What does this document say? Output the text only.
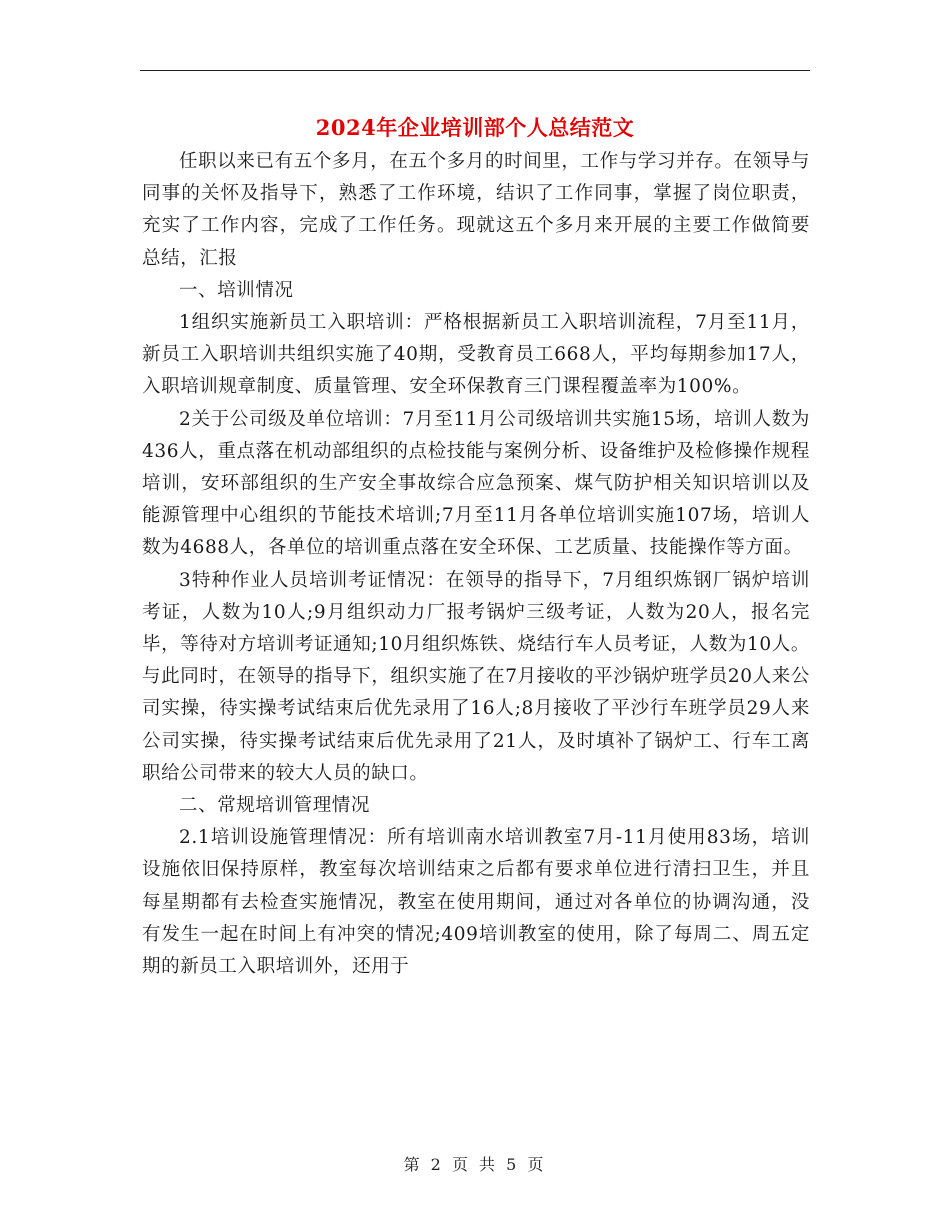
2024年企业培训部个人总结范文

任职以来已有五个多月，在五个多月的时间里，工作与学习并存。在领导与同事的关怀及指导下，熟悉了工作环境，结识了工作同事，掌握了岗位职责，充实了工作内容，完成了工作任务。现就这五个多月来开展的主要工作做简要总结，汇报

一、培训情况

1组织实施新员工入职培训：严格根据新员工入职培训流程，7月至11月，新员工入职培训共组织实施了40期，受教育员工668人，平均每期参加17人，入职培训规章制度、质量管理、安全环保教育三门课程覆盖率为100%。

2关于公司级及单位培训：7月至11月公司级培训共实施15场，培训人数为436人，重点落在机动部组织的点检技能与案例分析、设备维护及检修操作规程培训，安环部组织的生产安全事故综合应急预案、煤气防护相关知识培训以及能源管理中心组织的节能技术培训;7月至11月各单位培训实施107场，培训人数为4688人，各单位的培训重点落在安全环保、工艺质量、技能操作等方面。

3特种作业人员培训考证情况：在领导的指导下，7月组织炼钢厂锅炉培训考证，人数为10人;9月组织动力厂报考锅炉三级考证，人数为20人，报名完毕，等待对方培训考证通知;10月组织炼铁、烧结行车人员考证，人数为10人。与此同时，在领导的指导下，组织实施了在7月接收的平沙锅炉班学员20人来公司实操，待实操考试结束后优先录用了16人;8月接收了平沙行车班学员29人来公司实操，待实操考试结束后优先录用了21人，及时填补了锅炉工、行车工离职给公司带来的较大人员的缺口。

二、常规培训管理情况

2.1培训设施管理情况：所有培训南水培训教室7月-11月使用83场，培训设施依旧保持原样，教室每次培训结束之后都有要求单位进行清扫卫生，并且每星期都有去检查实施情况，教室在使用期间，通过对各单位的协调沟通，没有发生一起在时间上有冲突的情况;409培训教室的使用，除了每周二、周五定期的新员工入职培训外，还用于

第 2 页 共 5 页
